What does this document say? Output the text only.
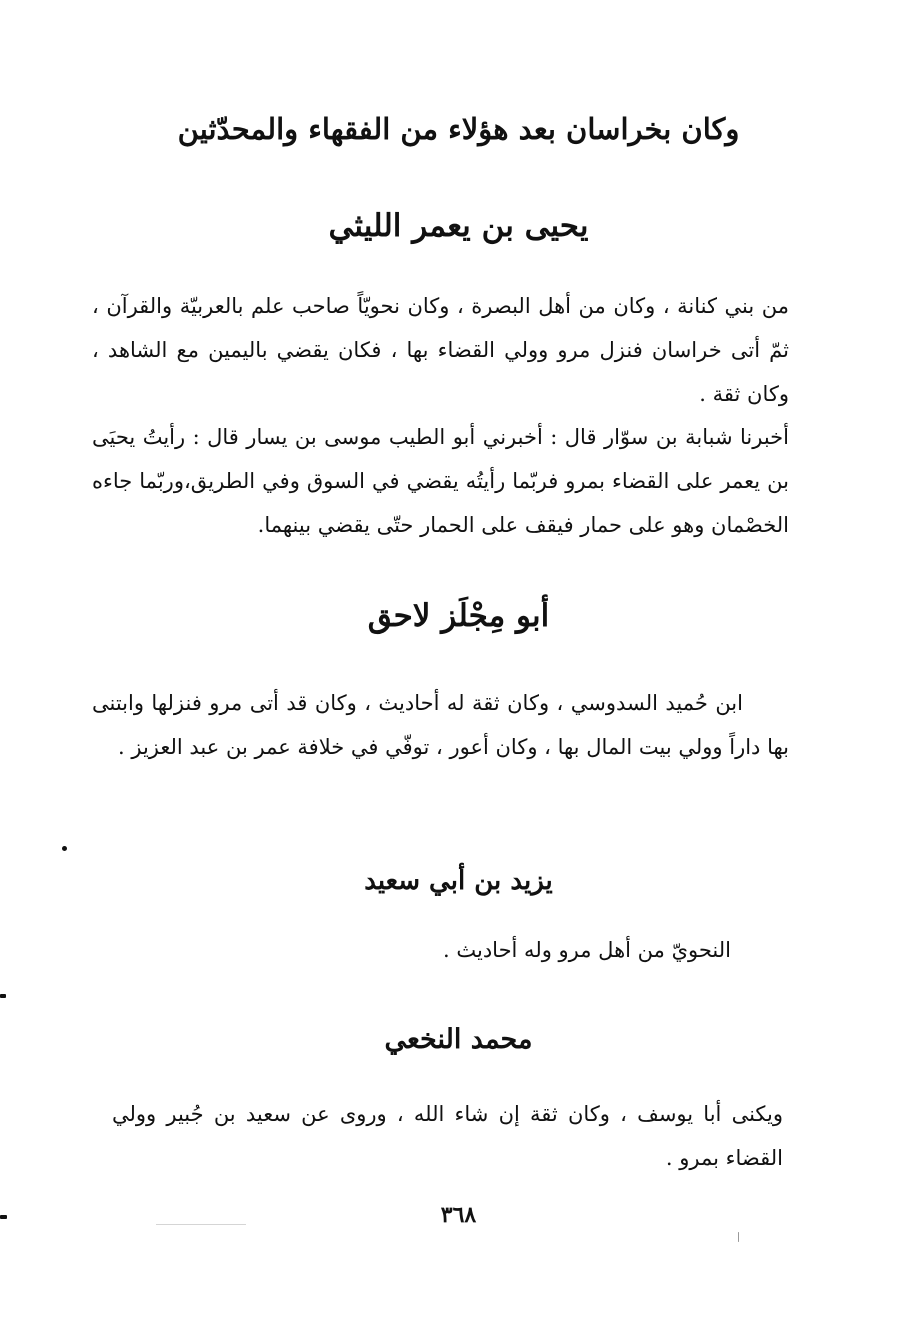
وكان بخراسان بعد هؤلاء من الفقهاء والمحدّثين
يحيى بن يعمر الليثي

من بني كنانة ، وكان من أهل البصرة ، وكان نحويّاً صاحب علم بالعربيّة والقرآن ، ثمّ أتى خراسان فنزل مرو وولي القضاء بها ، فكان يقضي باليمين مع الشاهد ، وكان ثقة .

أخبرنا شبابة بن سوّار قال : أخبرني أبو الطيب موسى بن يسار قال : رأيتُ يحيَى بن يعمر على القضاء بمرو فربّما رأيتُه يقضي في السوق وفي الطريق،وربّما جاءه الخصْمان وهو على حمار فيقف على الحمار حتّى يقضي بينهما.

أبو مِجْلَز لاحق

ابن حُميد السدوسي ، وكان ثقة له أحاديث ، وكان قد أتى مرو فنزلها وابتنى بها داراً وولي بيت المال بها ، وكان أعور ، توفّي في خلافة عمر بن عبد العزيز .

يزيد بن أبي سعيد

النحويّ من أهل مرو وله أحاديث .

محمد النخعي

ويكنى أبا يوسف ، وكان ثقة إن شاء الله ، وروى عن سعيد بن جُبير وولي القضاء بمرو .

٣٦٨
